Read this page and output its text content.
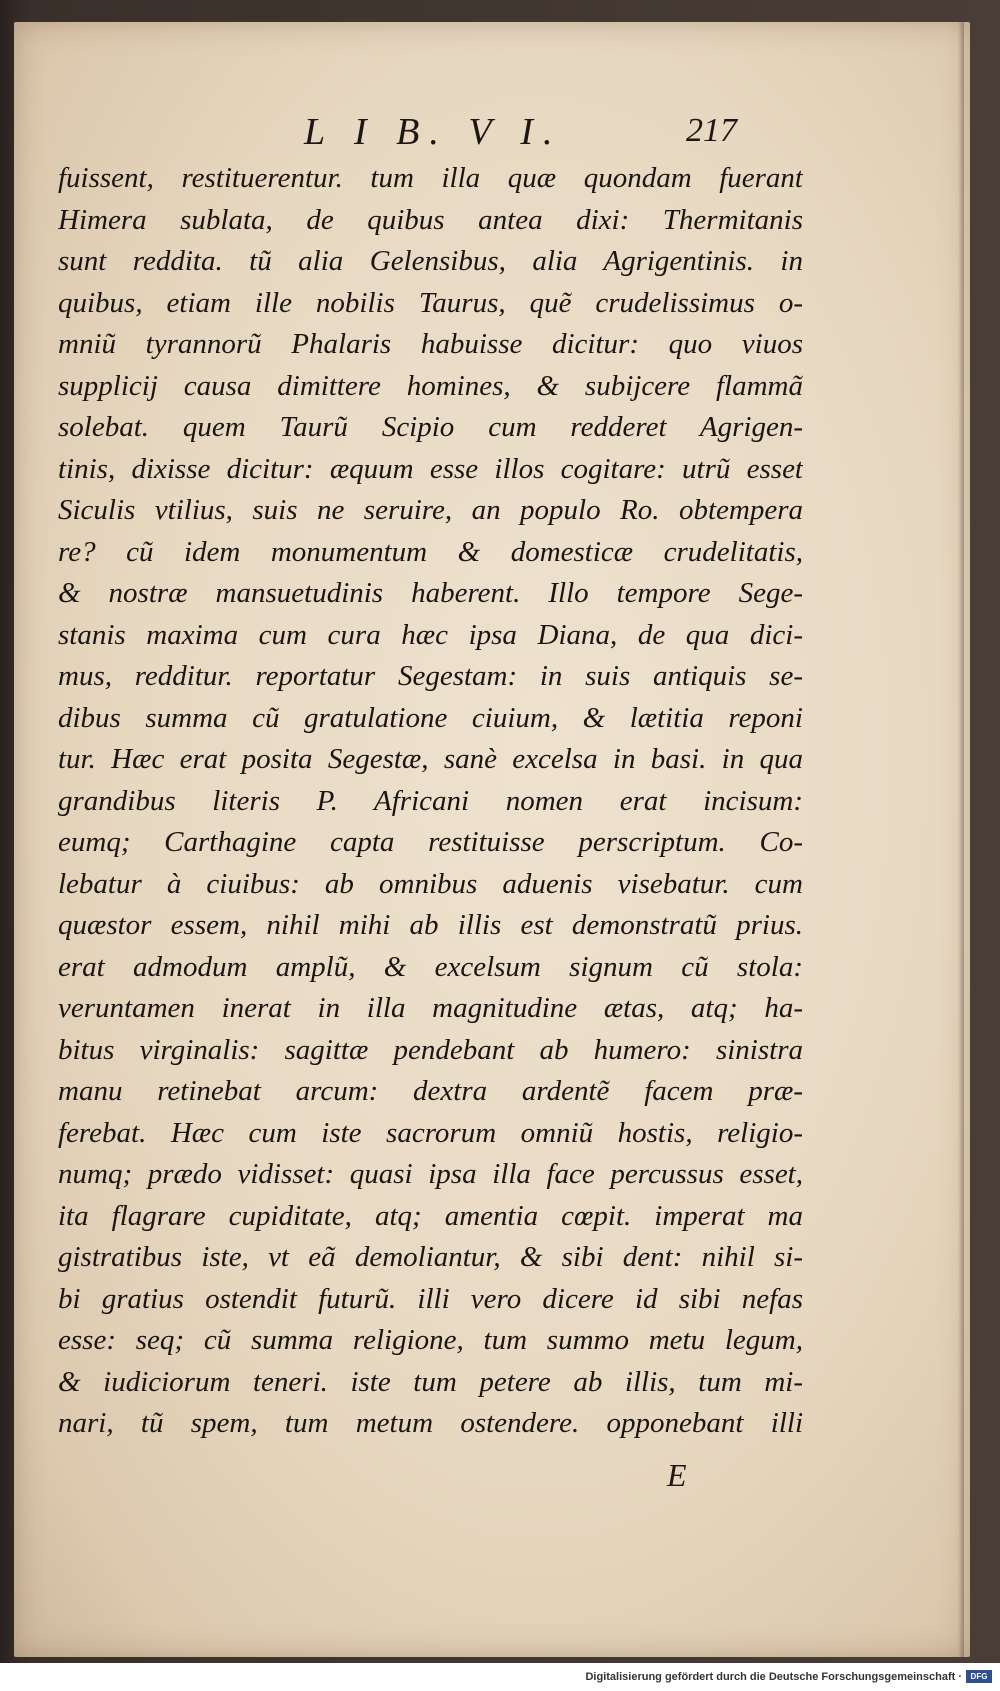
L I B. V I.	217
fuissent, restituerentur. tum illa quæ quondam fuerant
Himera sublata, de quibus antea dixi: Thermitanis
sunt reddita. tũ alia Gelensibus, alia Agrigentinis. in
quibus, etiam ille nobilis Taurus, quẽ crudelissimus o-
mniũ tyrannorũ Phalaris habuisse dicitur: quo viuos
supplicij causa dimittere homines, & subijcere flammã
solebat. quem Taurũ Scipio cum redderet Agrigen-
tinis, dixisse dicitur: æquum esse illos cogitare: utrũ esset
Siculis vtilius, suis ne seruire, an populo Ro. obtempera
re? cũ idem monumentum & domesticæ crudelitatis,
& nostræ mansuetudinis haberent. Illo tempore Sege-
stanis maxima cum cura hæc ipsa Diana, de qua dici-
mus, redditur. reportatur Segestam: in suis antiquis se-
dibus summa cũ gratulatione ciuium, & lætitia reponi
tur. Hæc erat posita Segestæ, sanè excelsa in basi. in qua
grandibus literis P. Africani nomen erat incisum:
eumq; Carthagine capta restituisse perscriptum. Co-
lebatur à ciuibus: ab omnibus aduenis visebatur. cum
quæstor essem, nihil mihi ab illis est demonstratũ prius.
erat admodum amplũ, & excelsum signum cũ stola:
veruntamen inerat in illa magnitudine ætas, atq; ha-
bitus virginalis: sagittæ pendebant ab humero: sinistra
manu retinebat arcum: dextra ardentẽ facem præ-
ferebat. Hæc cum iste sacrorum omniũ hostis, religio-
numq; prædo vidisset: quasi ipsa illa face percussus esset,
ita flagrare cupiditate, atq; amentia cœpit. imperat ma
gistratibus iste, vt eã demoliantur, & sibi dent: nihil si-
bi gratius ostendit futurũ. illi vero dicere id sibi nefas
esse: seq; cũ summa religione, tum summo metu legum,
& iudiciorum teneri. iste tum petere ab illis, tum mi-
nari, tũ spem, tum metum ostendere. opponebant illi
E
Digitalisierung gefördert durch die Deutsche Forschungsgemeinschaft ·	DFG
